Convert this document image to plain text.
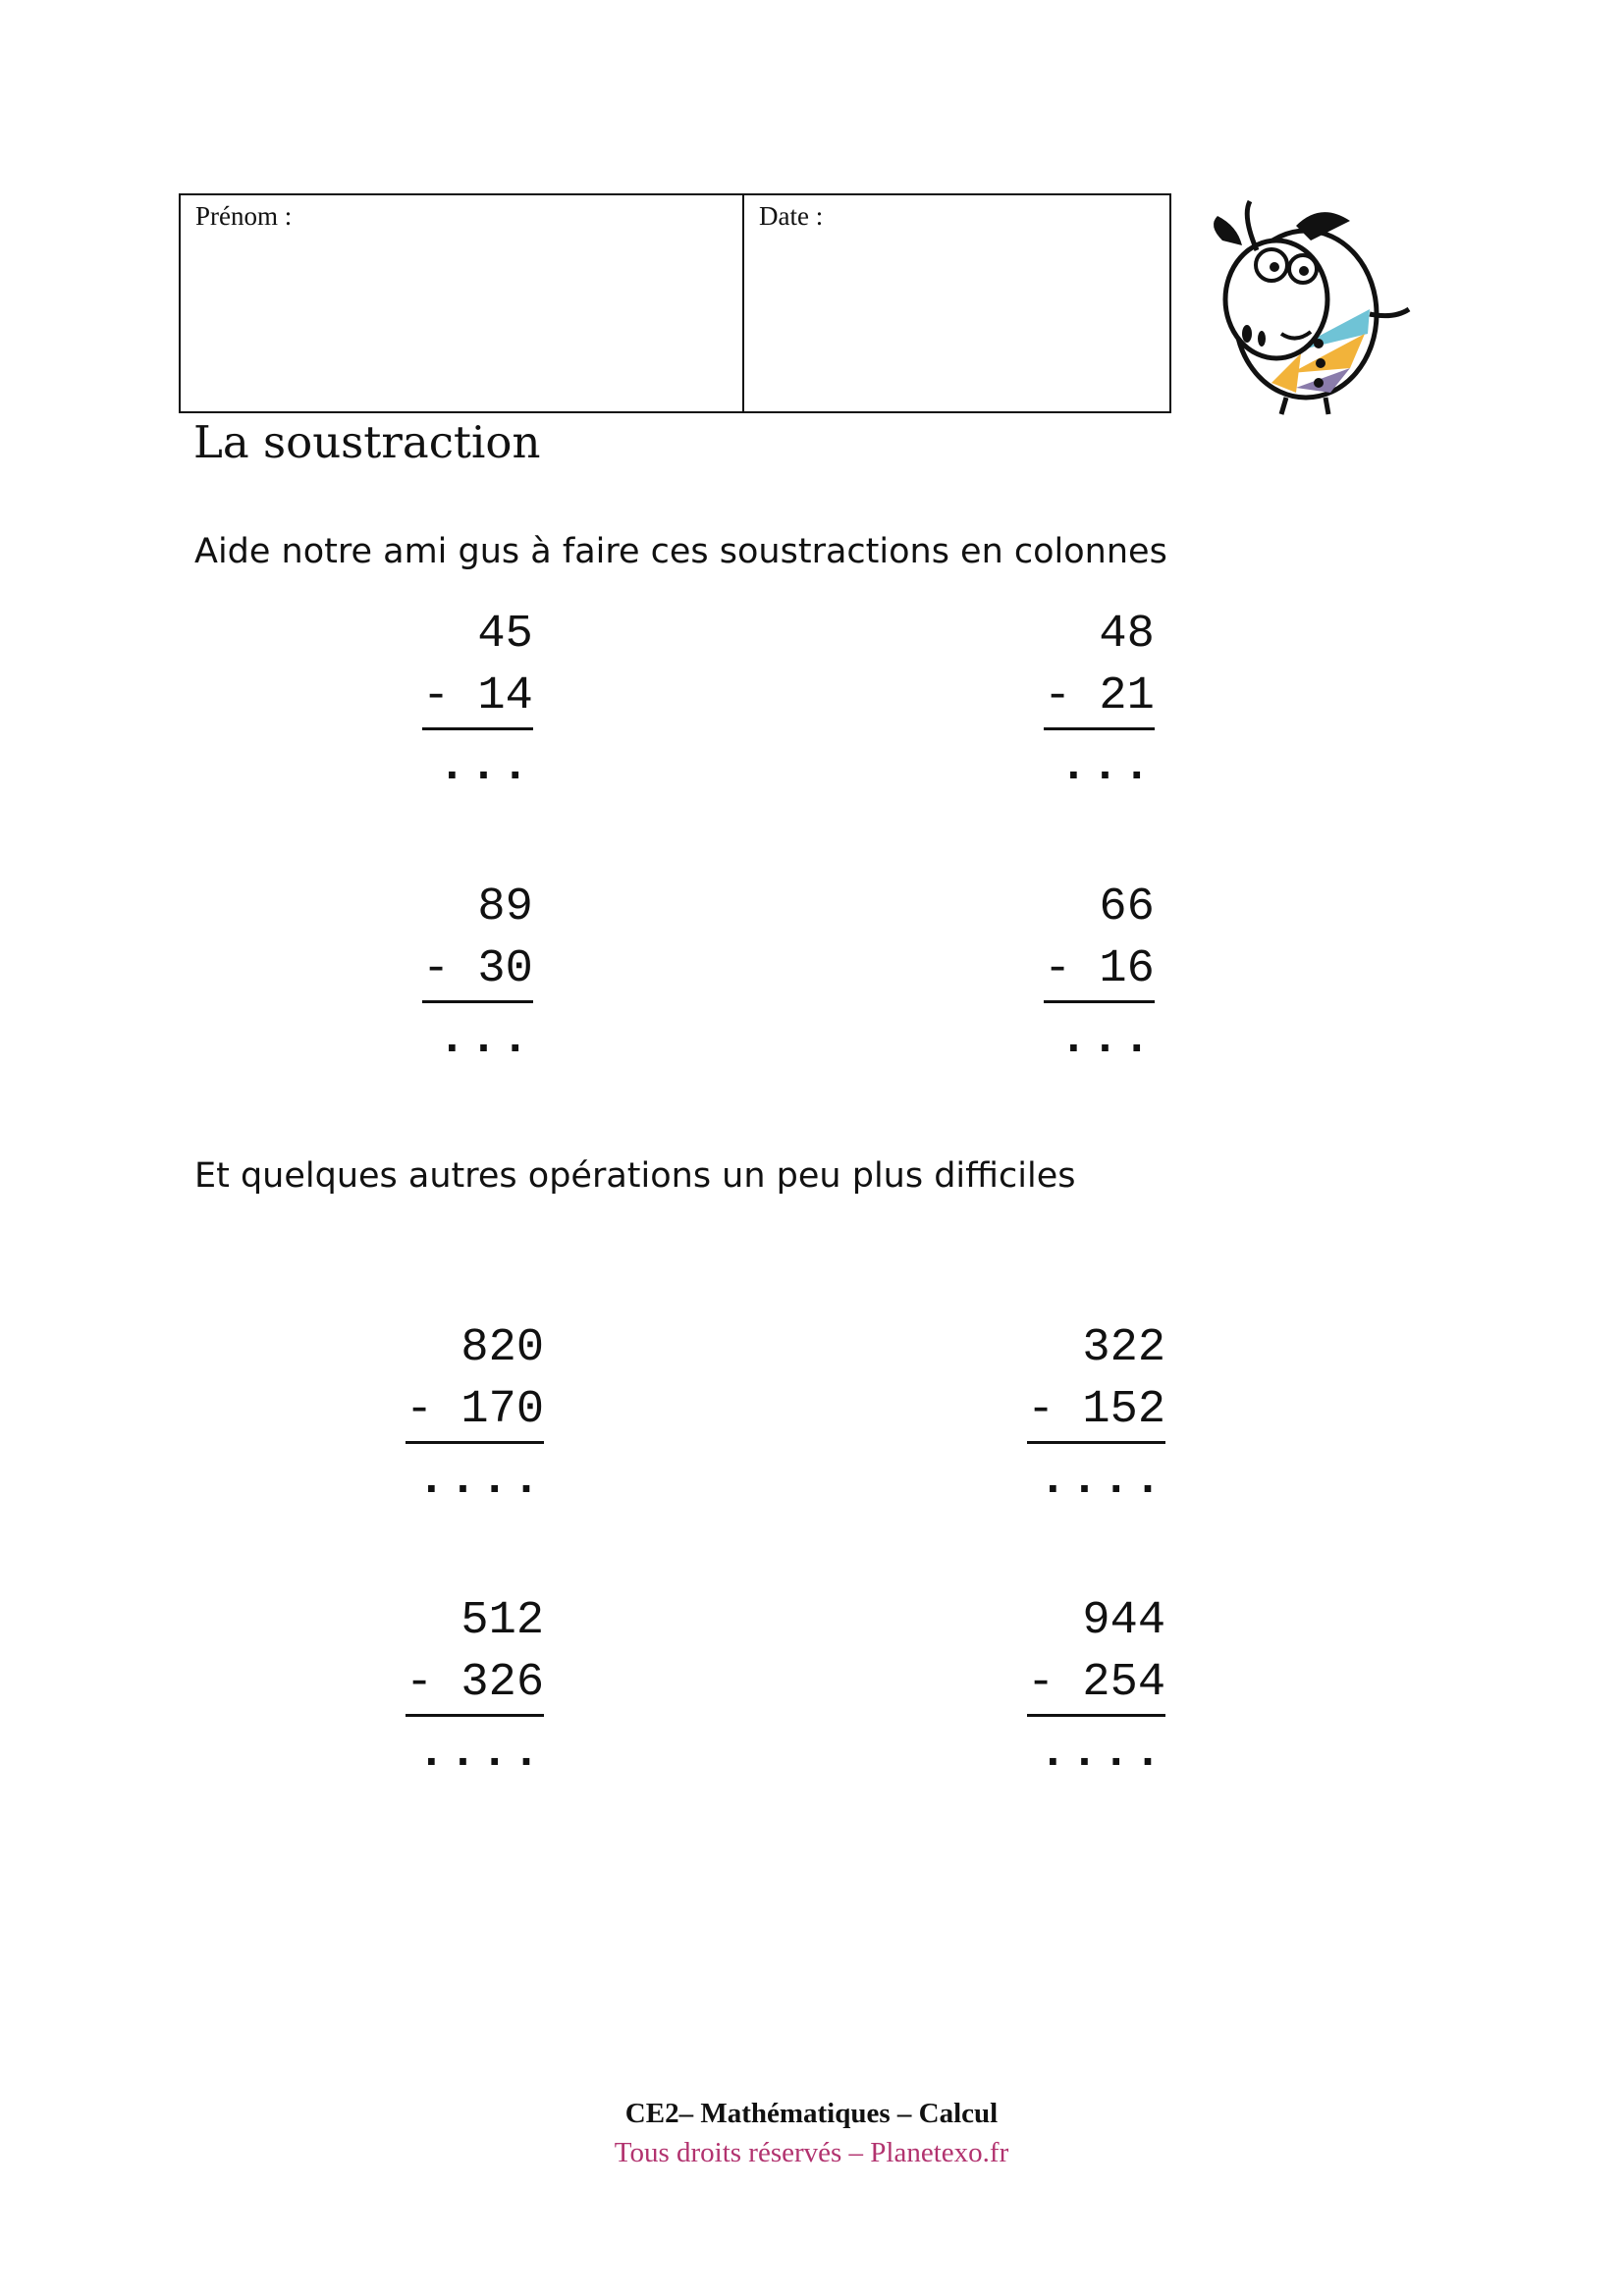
Prénom :	Date :
La soustraction

Aide notre ami gus à faire ces soustractions en colonnes

45
- 14
...
48
- 21
...
89
- 30
...
66
- 16
...

Et quelques autres opérations un peu plus difficiles

820
- 170
....
322
- 152
....
512
- 326
....
944
- 254
....
CE2– Mathématiques – Calcul
Tous droits réservés – Planetexo.fr
